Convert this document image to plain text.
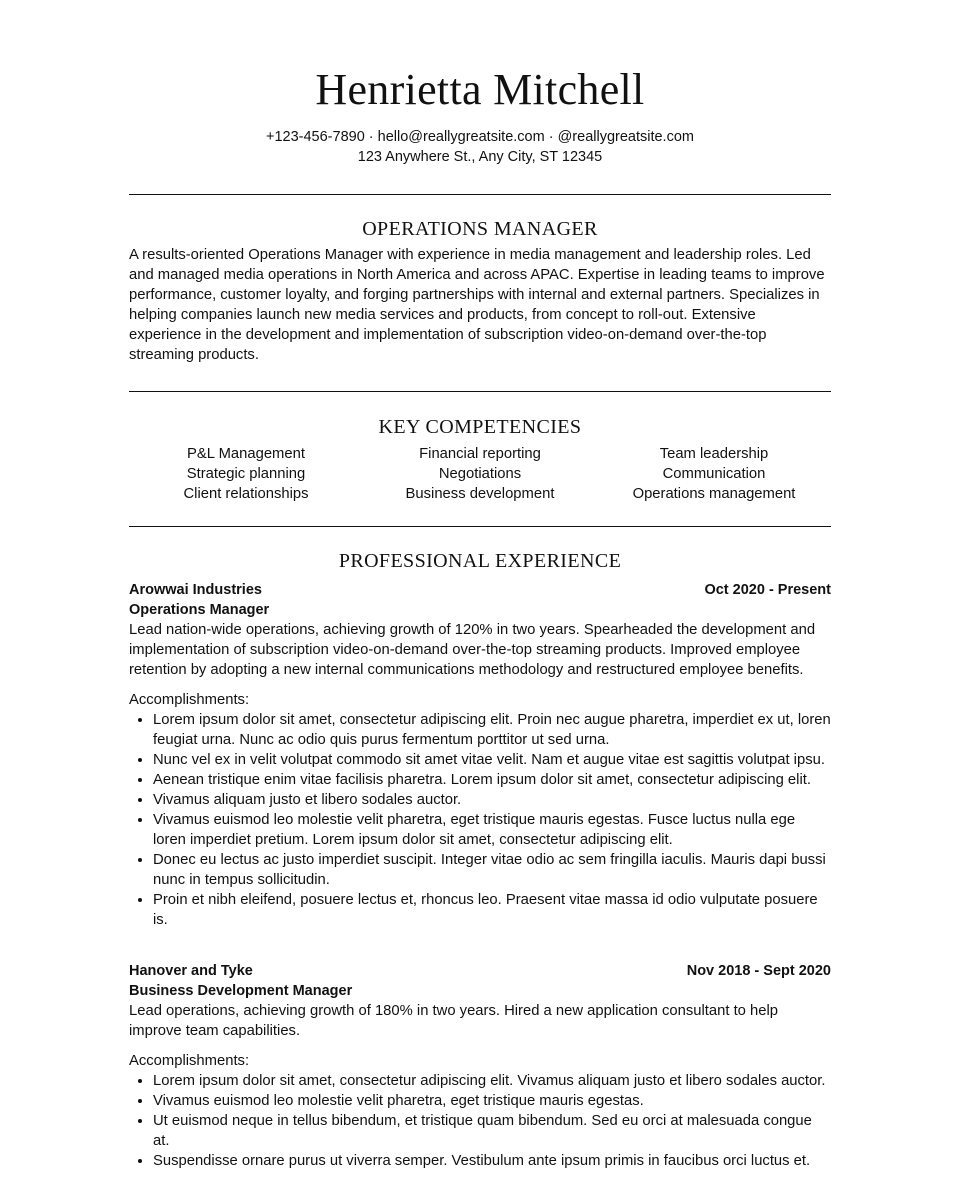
Henrietta Mitchell
+123-456-7890 · hello@reallygreatsite.com · @reallygreatsite.com
123 Anywhere St., Any City, ST 12345
OPERATIONS MANAGER

A results-oriented Operations Manager with experience in media management and leadership roles. Led and managed media operations in North America and across APAC. Expertise in leading teams to improve performance, customer loyalty, and forging partnerships with internal and external partners. Specializes in helping companies launch new media services and products, from concept to roll-out. Extensive experience in the development and implementation of subscription video-on-demand over-the-top streaming products.

KEY COMPETENCIES
P&L Management
Strategic planning
Client relationships
Financial reporting
Negotiations
Business development
Team leadership
Communication
Operations management
PROFESSIONAL EXPERIENCE
Arowwai Industries	Oct 2020 - Present
Operations Manager

Lead nation-wide operations, achieving growth of 120% in two years. Spearheaded the development and implementation of subscription video-on-demand over-the-top streaming products. Improved employee retention by adopting a new internal communications methodology and restructured employee benefits.

Accomplishments:
• Lorem ipsum dolor sit amet, consectetur adipiscing elit. Proin nec augue pharetra, imperdiet ex ut, loren feugiat urna. Nunc ac odio quis purus fermentum porttitor ut sed urna.
• Nunc vel ex in velit volutpat commodo sit amet vitae velit. Nam et augue vitae est sagittis volutpat ipsu.
• Aenean tristique enim vitae facilisis pharetra. Lorem ipsum dolor sit amet, consectetur adipiscing elit.
• Vivamus aliquam justo et libero sodales auctor.
• Vivamus euismod leo molestie velit pharetra, eget tristique mauris egestas. Fusce luctus nulla ege loren imperdiet pretium. Lorem ipsum dolor sit amet, consectetur adipiscing elit.
• Donec eu lectus ac justo imperdiet suscipit. Integer vitae odio ac sem fringilla iaculis. Mauris dapi bussi nunc in tempus sollicitudin.
• Proin et nibh eleifend, posuere lectus et, rhoncus leo. Praesent vitae massa id odio vulputate posuere is.
Hanover and Tyke	Nov 2018 - Sept 2020
Business Development Manager

Lead operations, achieving growth of 180% in two years. Hired a new application consultant to help improve team capabilities.

Accomplishments:
• Lorem ipsum dolor sit amet, consectetur adipiscing elit. Vivamus aliquam justo et libero sodales auctor.
• Vivamus euismod leo molestie velit pharetra, eget tristique mauris egestas.
• Ut euismod neque in tellus bibendum, et tristique quam bibendum. Sed eu orci at malesuada congue at.
• Suspendisse ornare purus ut viverra semper. Vestibulum ante ipsum primis in faucibus orci luctus et.
